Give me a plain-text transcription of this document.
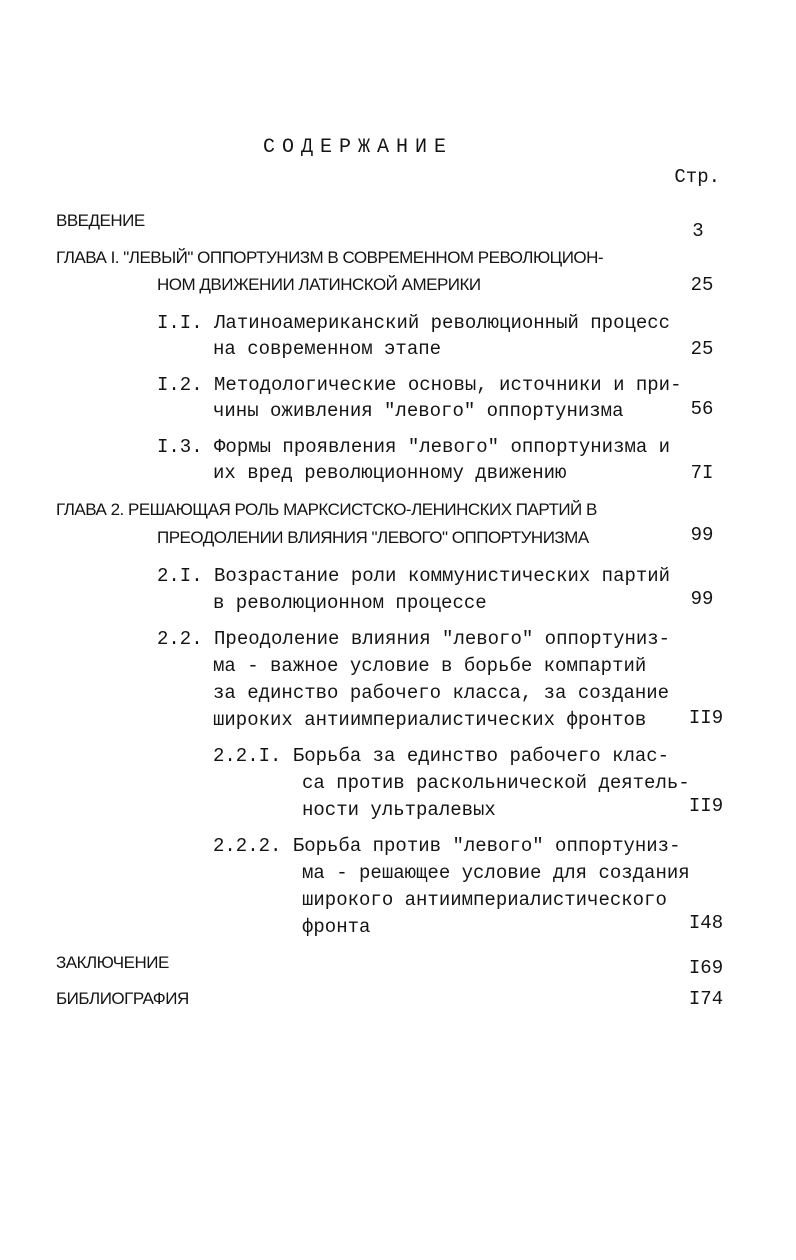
СОДЕРЖАНИЕ
Стр.
ВВЕДЕНИЕ	3
ГЛАВА I. "ЛЕВЫЙ" ОППОРТУНИЗМ В СОВРЕМЕННОМ РЕВОЛЮЦИОН-
НОМ ДВИЖЕНИИ ЛАТИНСКОЙ АМЕРИКИ	25
I.I. Латиноамериканский революционный процесс
на современном этапе	25
I.2. Методологические основы, источники и при-
чины оживления "левого" оппортунизма	56
I.3. Формы проявления "левого" оппортунизма и
их вред революционному движению	7I
ГЛАВА 2. РЕШАЮЩАЯ РОЛЬ МАРКСИСТСКО-ЛЕНИНСКИХ ПАРТИЙ В
ПРЕОДОЛЕНИИ ВЛИЯНИЯ "ЛЕВОГО" ОППОРТУНИЗМА	99
2.I. Возрастание роли коммунистических партий
в революционном процессе	99
2.2. Преодоление влияния "левого" оппортуниз-
ма - важное условие в борьбе компартий
за единство рабочего класса, за создание
широких антиимпериалистических фронтов	II9
2.2.I. Борьба за единство рабочего клас-
са против раскольнической деятель-
ности ультралевых	II9
2.2.2. Борьба против "левого" оппортуниз-
ма - решающее условие для создания
широкого антиимпериалистического
фронта	I48
ЗАКЛЮЧЕНИЕ	I69
БИБЛИОГРАФИЯ	I74
